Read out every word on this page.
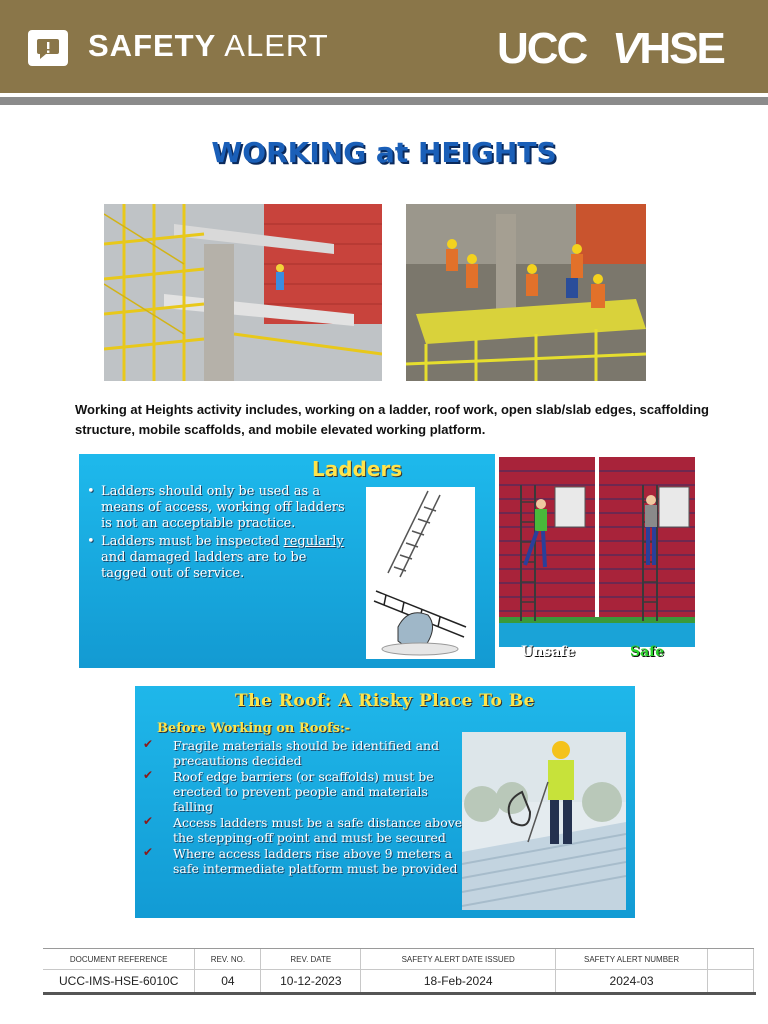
SAFETY ALERT	UCC VHSE
WORKING at HEIGHTS
Working at Heights activity includes, working on a ladder, roof work, open slab/slab edges, scaffolding structure, mobile scaffolds, and mobile elevated working platform.
Ladders
• Ladders should only be used as a means of access, working off ladders is not an acceptable practice.
• Ladders must be inspected regularly and damaged ladders are to be tagged out of service.
Unsafe	Safe
The Roof: A Risky Place To Be
Before Working on Roofs:-
✔ Fragile materials should be identified and precautions decided
✔ Roof edge barriers (or scaffolds) must be erected to prevent people and materials falling
✔ Access ladders must be a safe distance above the stepping-off point and must be secured
✔ Where access ladders rise above 9 meters a safe intermediate platform must be provided
DOCUMENT REFERENCE	REV. NO.	REV. DATE	SAFETY ALERT DATE ISSUED	SAFETY ALERT NUMBER	
UCC-IMS-HSE-6010C	04	10-12-2023	18-Feb-2024	2024-03	
